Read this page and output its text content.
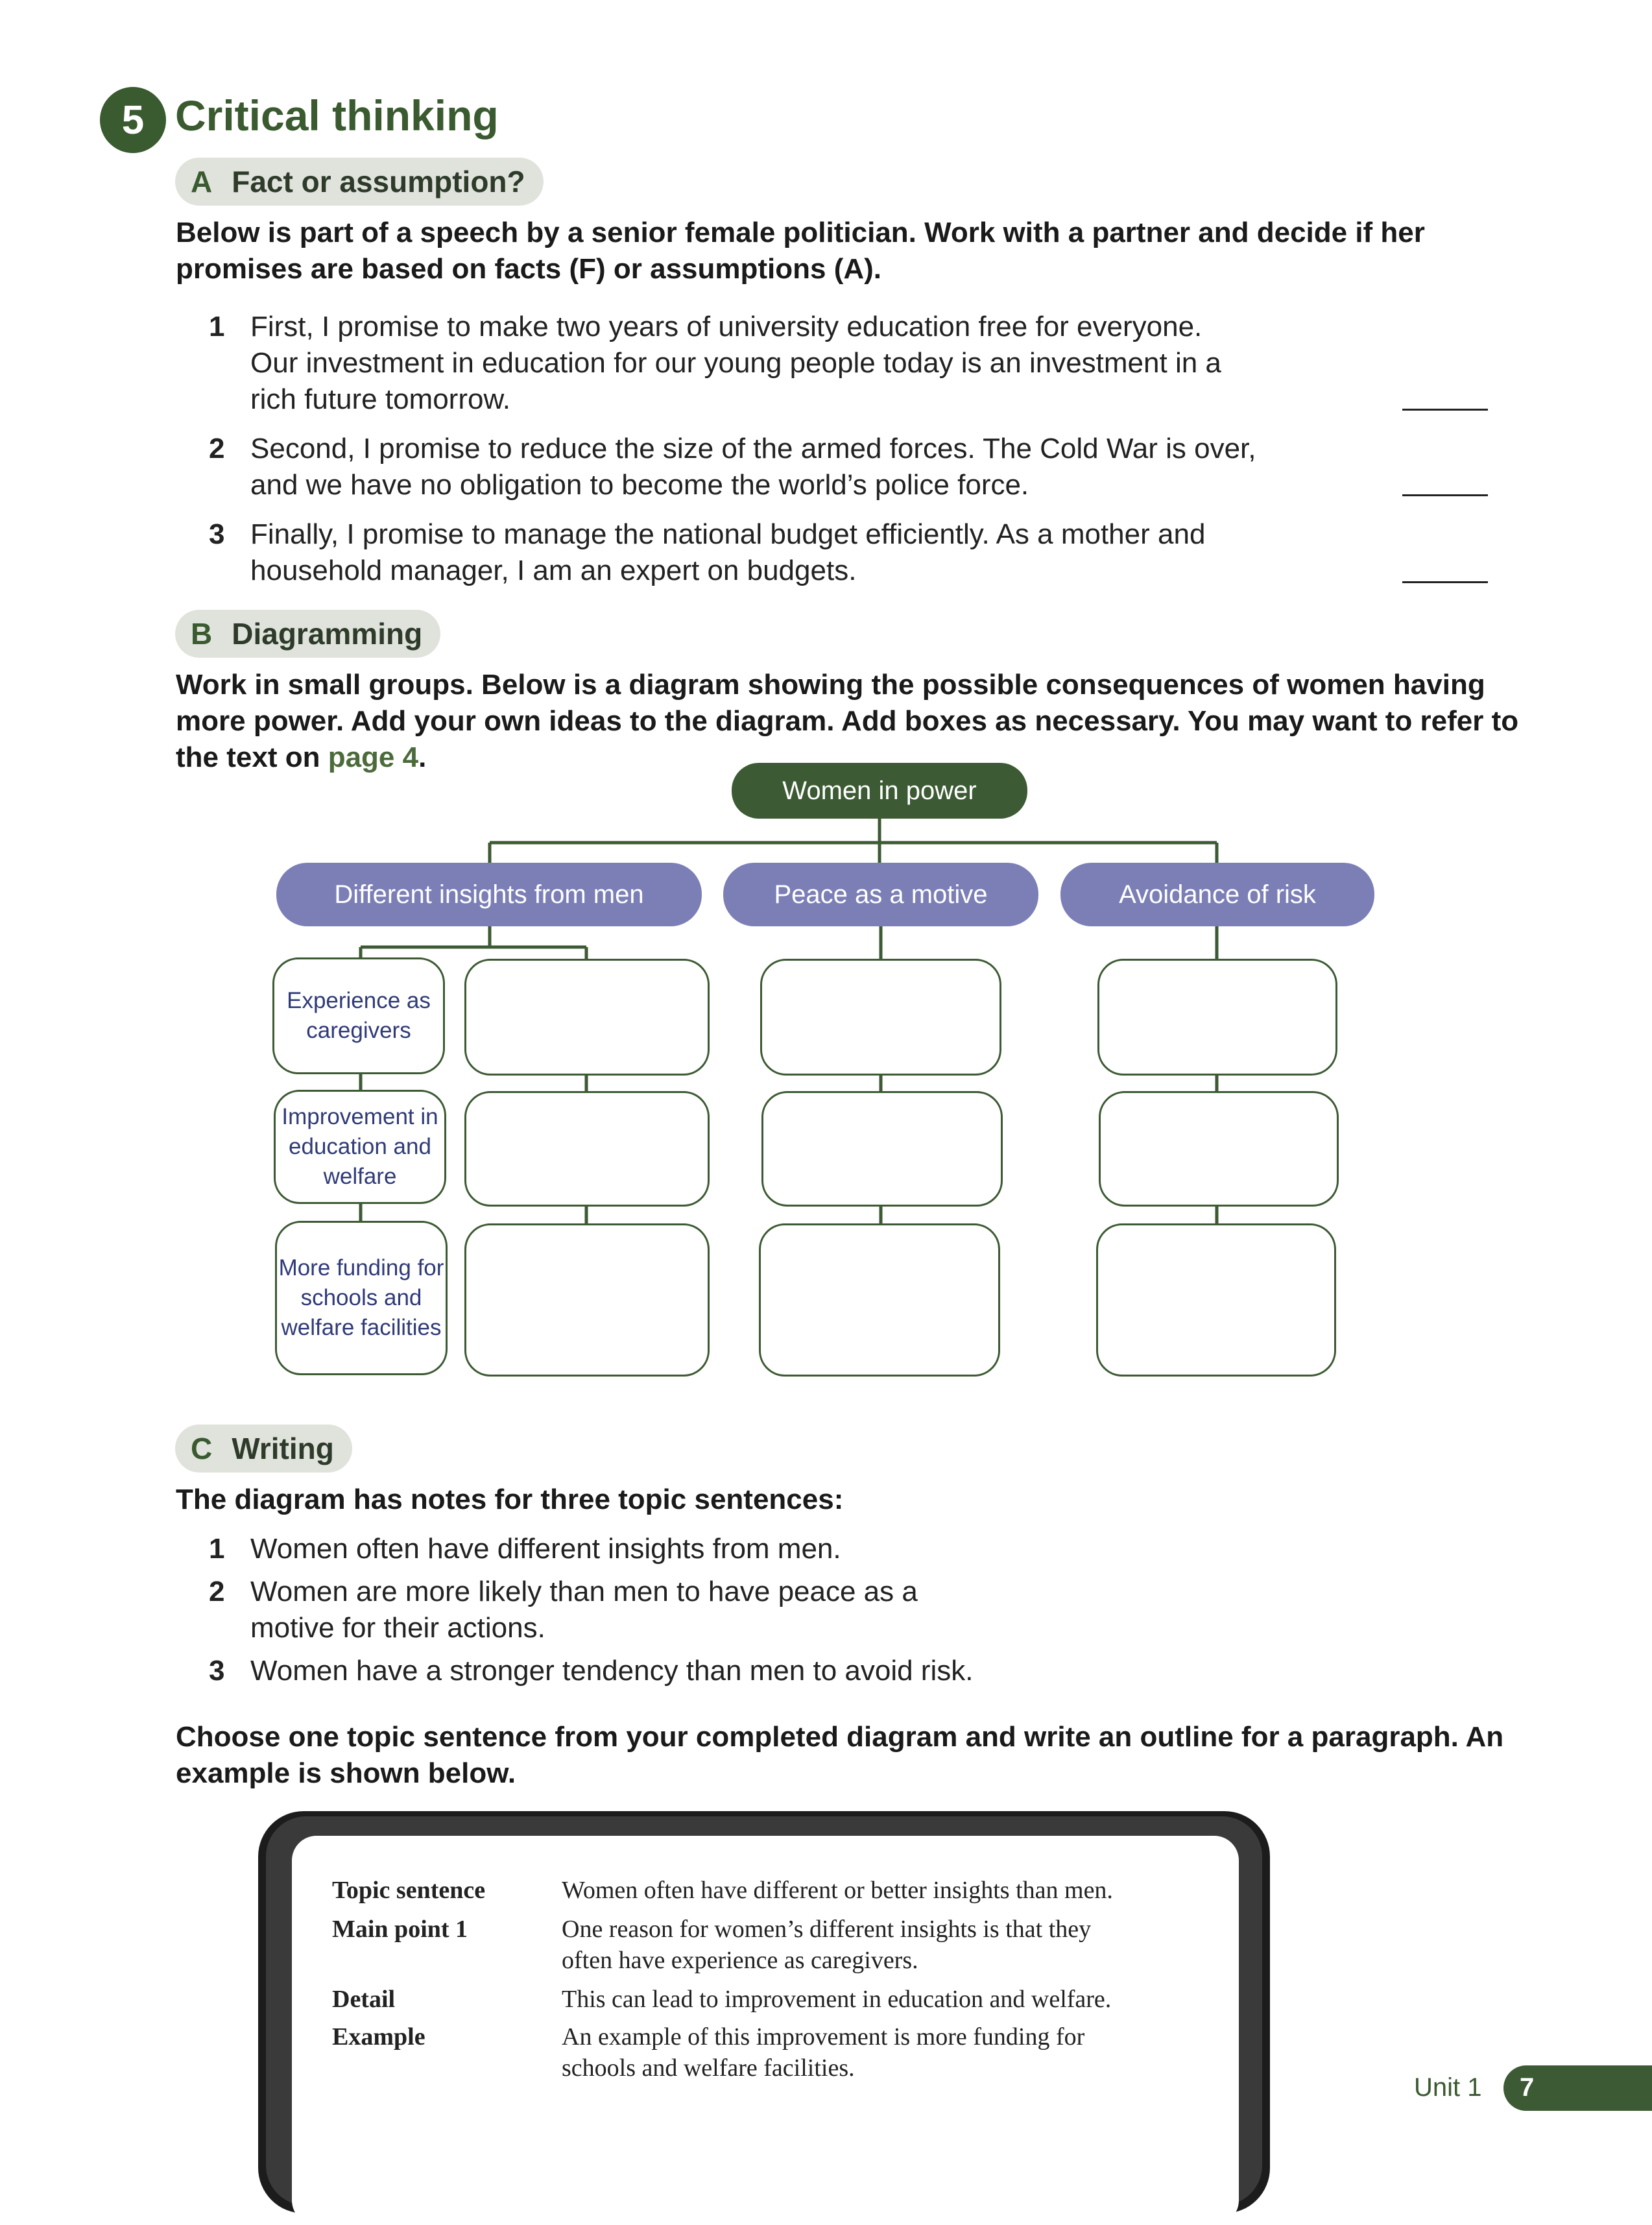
5 Critical thinking
A Fact or assumption?
Below is part of a speech by a senior female politician. Work with a partner and decide if her
promises are based on facts (F) or assumptions (A).
1 First, I promise to make two years of university education free for everyone.
Our investment in education for our young people today is an investment in a
rich future tomorrow.
2 Second, I promise to reduce the size of the armed forces. The Cold War is over,
and we have no obligation to become the world’s police force.
3 Finally, I promise to manage the national budget efficiently. As a mother and
household manager, I am an expert on budgets.
B Diagramming
Work in small groups. Below is a diagram showing the possible consequences of women having
more power. Add your own ideas to the diagram. Add boxes as necessary. You may want to refer to
the text on page 4.
Women in power
Different insights from men	Peace as a motive	Avoidance of risk
Experience as caregivers
Improvement in education and welfare
More funding for schools and welfare facilities
C Writing
The diagram has notes for three topic sentences:
1 Women often have different insights from men.
2 Women are more likely than men to have peace as a
motive for their actions.
3 Women have a stronger tendency than men to avoid risk.
Choose one topic sentence from your completed diagram and write an outline for a paragraph. An
example is shown below.
Topic sentence	Women often have different or better insights than men.
Main point 1	One reason for women’s different insights is that they
often have experience as caregivers.
Detail	This can lead to improvement in education and welfare.
Example	An example of this improvement is more funding for
schools and welfare facilities.
Unit 1 7
